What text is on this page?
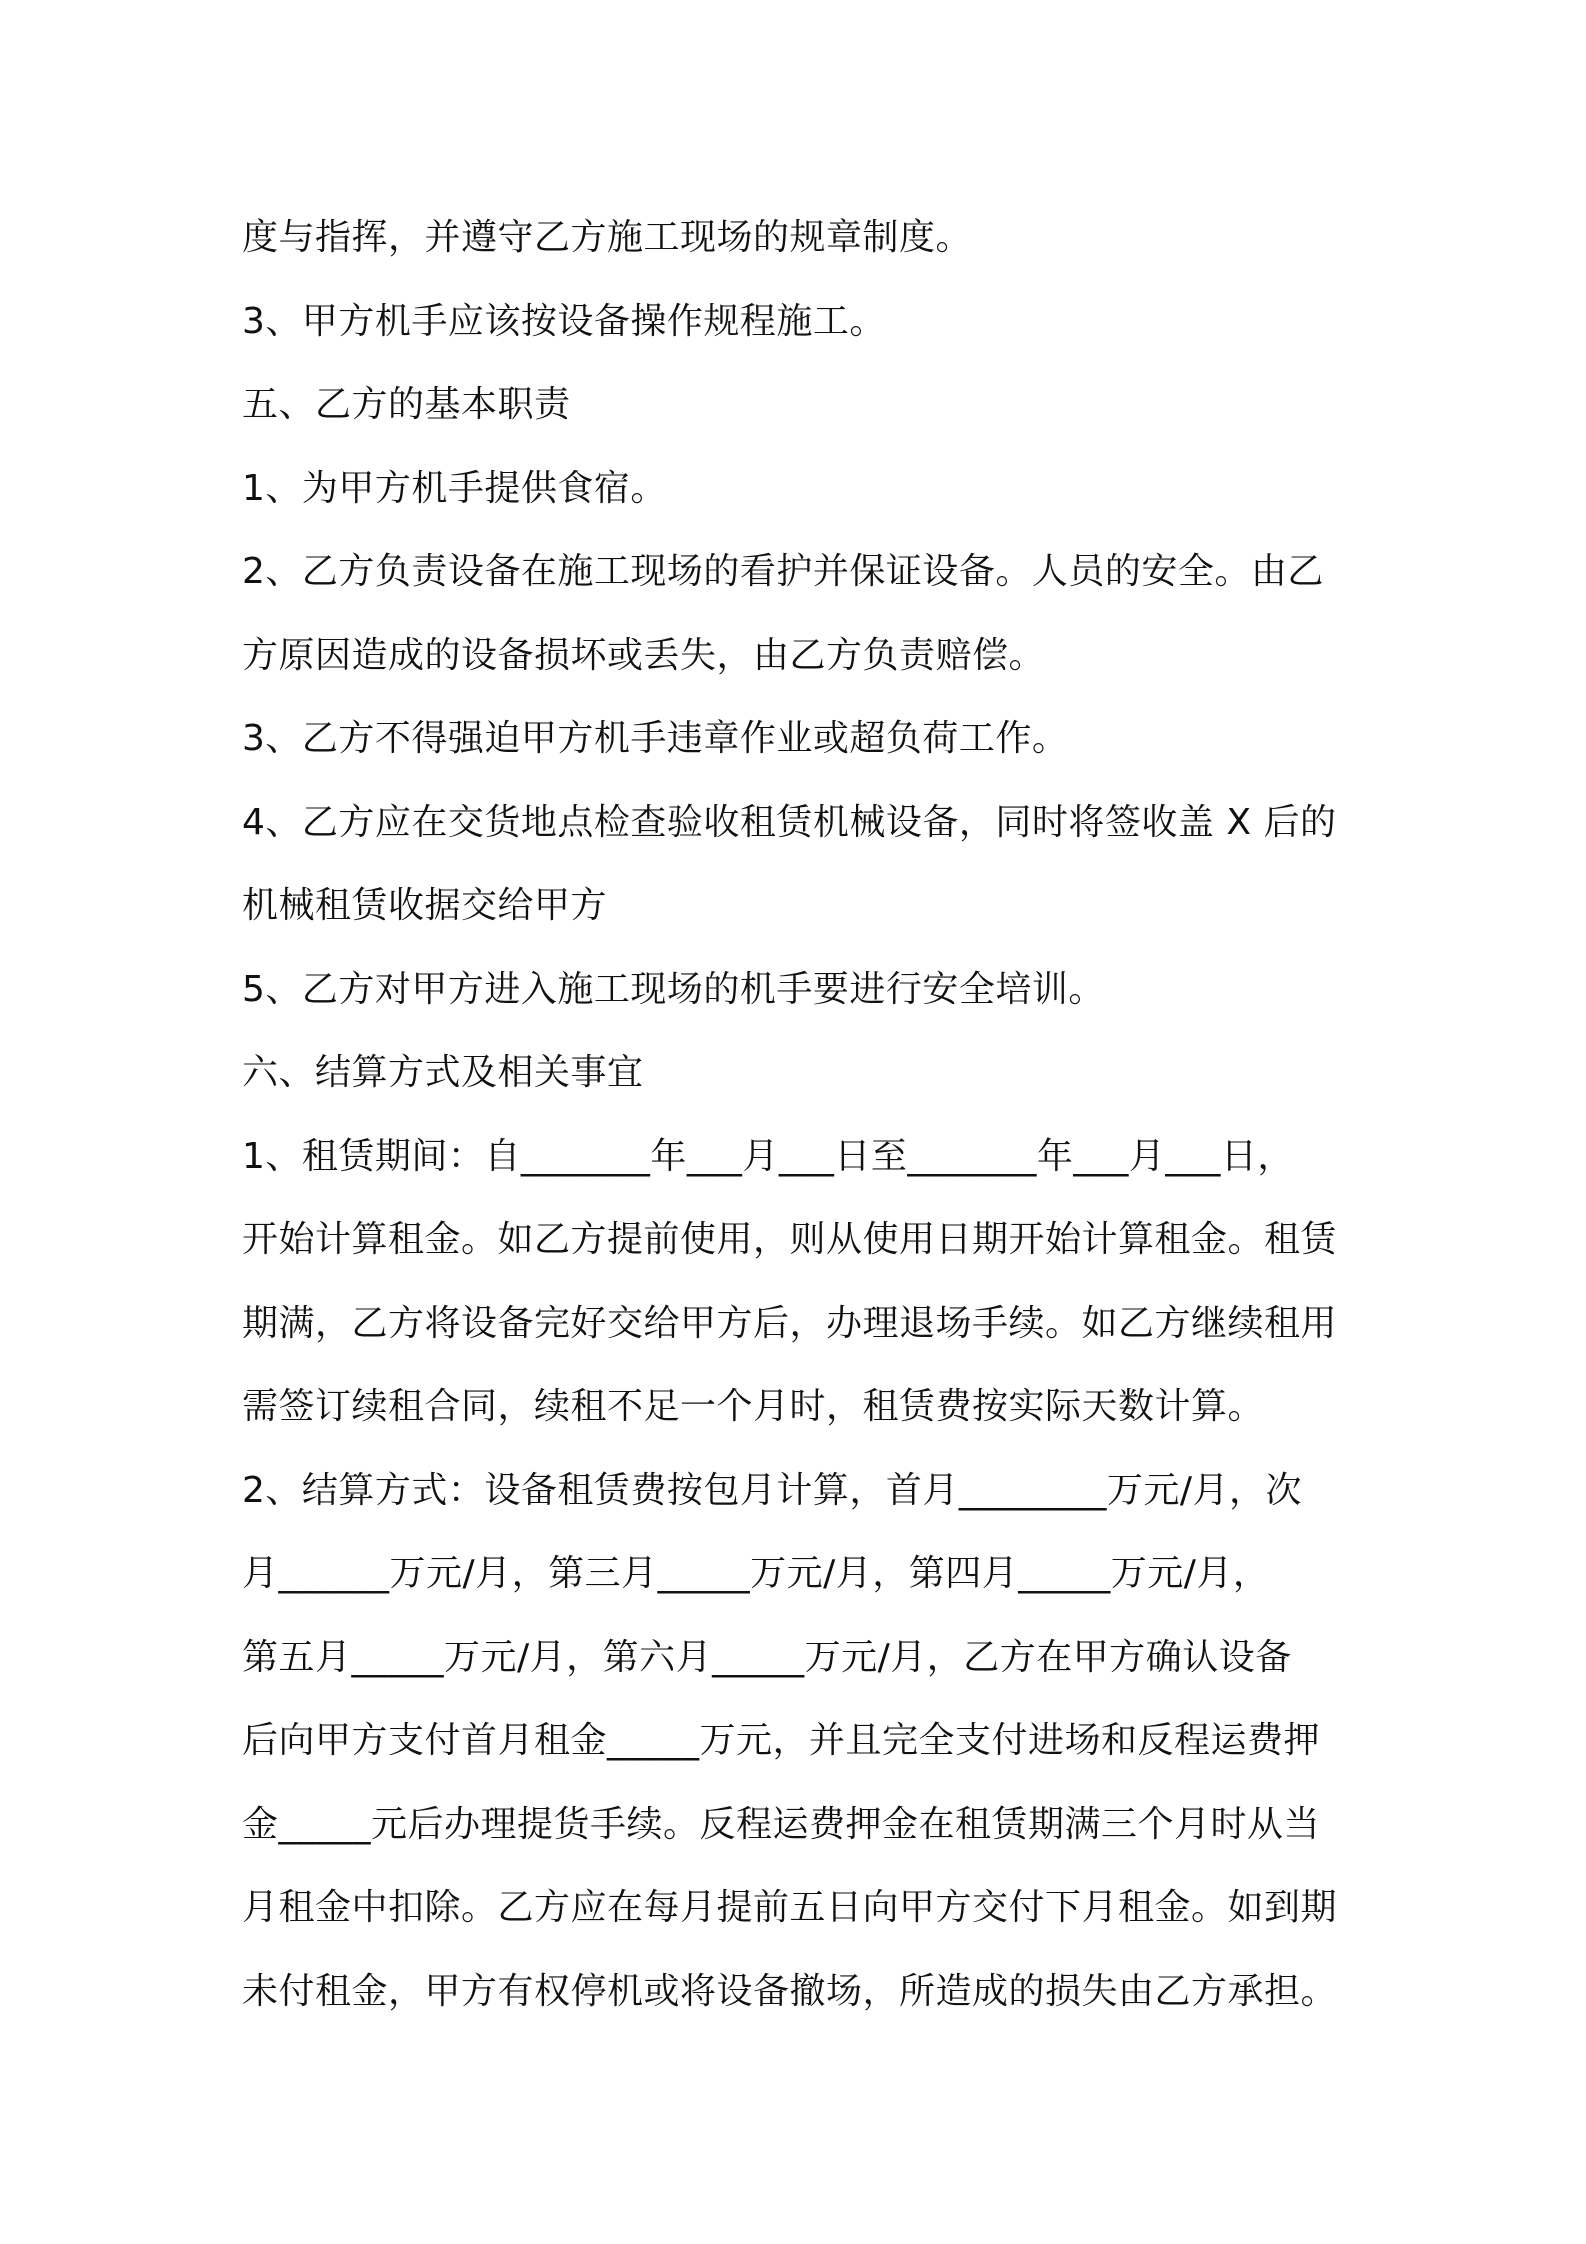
度与指挥，并遵守乙方施工现场的规章制度。
3、甲方机手应该按设备操作规程施工。
五、乙方的基本职责
1、为甲方机手提供食宿。
2、乙方负责设备在施工现场的看护并保证设备。人员的安全。由乙
方原因造成的设备损坏或丢失，由乙方负责赔偿。
3、乙方不得强迫甲方机手违章作业或超负荷工作。
4、乙方应在交货地点检查验收租赁机械设备，同时将签收盖 X 后的
机械租赁收据交给甲方
5、乙方对甲方进入施工现场的机手要进行安全培训。
六、结算方式及相关事宜
1、租赁期间：自_______年___月___日至_______年___月___日，
开始计算租金。如乙方提前使用，则从使用日期开始计算租金。租赁
期满，乙方将设备完好交给甲方后，办理退场手续。如乙方继续租用
需签订续租合同，续租不足一个月时，租赁费按实际天数计算。
2、结算方式：设备租赁费按包月计算，首月________万元/月，次
月______万元/月，第三月_____万元/月，第四月_____万元/月，
第五月_____万元/月，第六月_____万元/月，乙方在甲方确认设备
后向甲方支付首月租金_____万元，并且完全支付进场和反程运费押
金_____元后办理提货手续。反程运费押金在租赁期满三个月时从当
月租金中扣除。乙方应在每月提前五日向甲方交付下月租金。如到期
未付租金，甲方有权停机或将设备撤场，所造成的损失由乙方承担。
